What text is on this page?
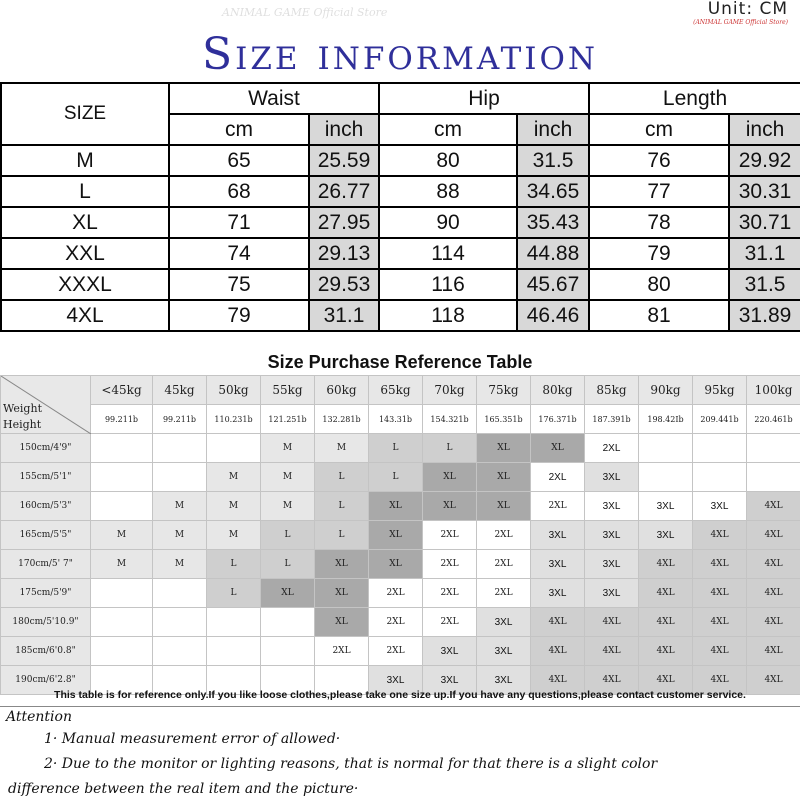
Unit: CM
(ANIMAL GAME Official Store)
ANIMAL GAME Official Store
Size information
SIZE	Waist		Hip		Length	
	cm	inch	cm	inch	cm	inch
M	65	25.59	80	31.5	76	29.92
L	68	26.77	88	34.65	77	30.31
XL	71	27.95	90	35.43	78	30.71
XXL	74	29.13	114	44.88	79	31.1
XXXL	75	29.53	116	45.67	80	31.5
4XL	79	31.1	118	46.46	81	31.89
Size Purchase Reference Table
Weight
Height	<45kg	45kg	50kg	55kg	60kg	65kg	70kg	75kg	80kg	85kg	90kg	95kg	100kg
	99.211b	99.211b	110.231b	121.251b	132.281b	143.31b	154.321b	165.351b	176.371b	187.391b	198.42Ib	209.441b	220.461b
150cm/4'9"				M	M	L	L	XL	XL	2XL			
155cm/5'1"			M	M	L	L	XL	XL	2XL	3XL			
160cm/5'3"		M	M	M	L	XL	XL	XL	2XL	3XL	3XL	3XL	4XL
165cm/5'5"	M	M	M	L	L	XL	2XL	2XL	3XL	3XL	3XL	4XL	4XL
170cm/5' 7"	M	M	L	L	XL	XL	2XL	2XL	3XL	3XL	4XL	4XL	4XL
175cm/5'9"			L	XL	XL	2XL	2XL	2XL	3XL	3XL	4XL	4XL	4XL
180cm/5'10.9"					XL	2XL	2XL	3XL	4XL	4XL	4XL	4XL	4XL
185cm/6'0.8"					2XL	2XL	3XL	3XL	4XL	4XL	4XL	4XL	4XL
190cm/6'2.8"						3XL	3XL	3XL	4XL	4XL	4XL	4XL	4XL
This table is for reference only.If you like loose clothes,please take one size up.If you have any questions,please contact customer service.
Attention
1· Manual measurement error of allowed·
2· Due to the monitor or lighting reasons, that is normal for that there is a slight color
difference between the real item and the picture·
